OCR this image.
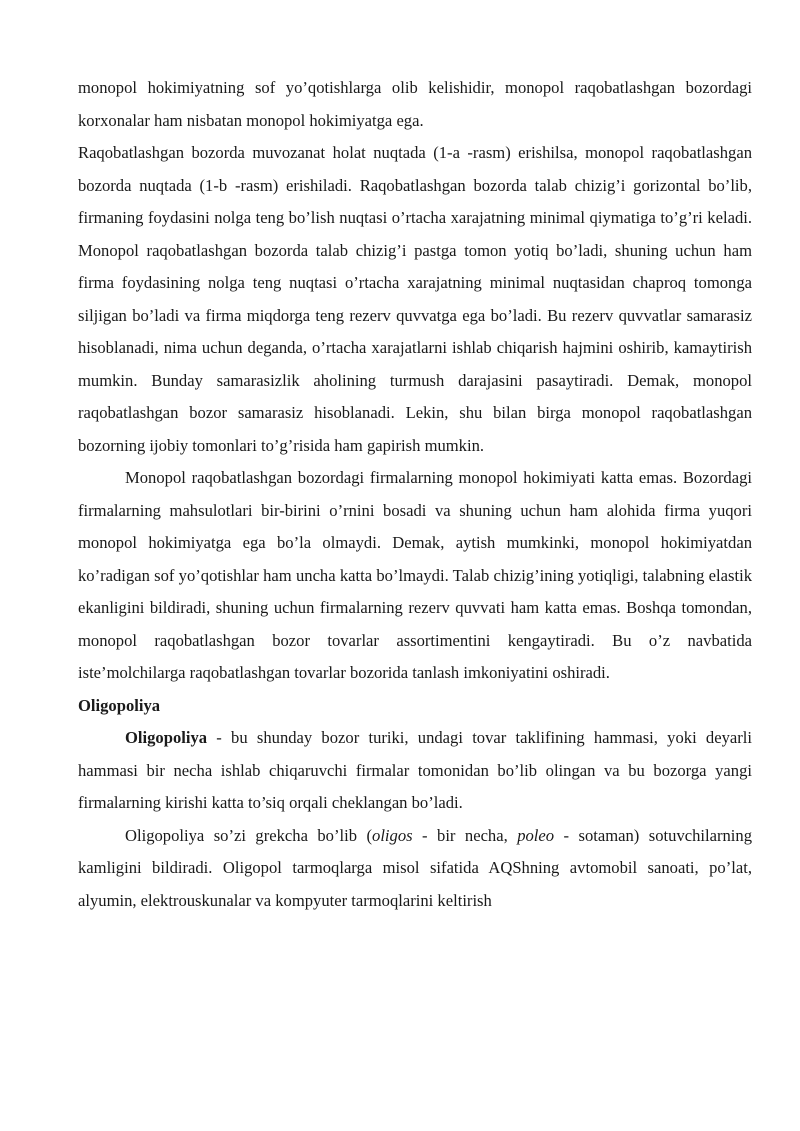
monopol hokimiyatning sof yo’qotishlarga olib kelishidir, monopol raqobatlashgan bozordagi korxonalar ham nisbatan monopol hokimiyatga ega.

Raqobatlashgan bozorda muvozanat holat nuqtada (1-a -rasm) erishilsa, monopol raqobatlashgan bozorda nuqtada (1-b -rasm) erishiladi. Raqobatlashgan bozorda talab chizig’i gorizontal bo’lib, firmaning foydasini nolga teng bo’lish nuqtasi o’rtacha xarajatning minimal qiymatiga to’g’ri keladi. Monopol raqobatlashgan bozorda talab chizig’i pastga tomon yotiq bo’ladi, shuning uchun ham firma foydasining nolga teng nuqtasi o’rtacha xarajatning minimal nuqtasidan chaproq tomonga siljigan bo’ladi va firma miqdorga teng rezerv quvvatga ega bo’ladi. Bu rezerv quvvatlar samarasiz hisoblanadi, nima uchun deganda, o’rtacha xarajatlarni ishlab chiqarish hajmini oshirib, kamaytirish mumkin. Bunday samarasizlik aholining turmush darajasini pasaytiradi. Demak, monopol raqobatlashgan bozor samarasiz hisoblanadi. Lekin, shu bilan birga monopol raqobatlashgan bozorning ijobiy tomonlari to’g’risida ham gapirish mumkin.

Monopol raqobatlashgan bozordagi firmalarning monopol hokimiyati katta emas. Bozordagi firmalarning mahsulotlari bir-birini o’rnini bosadi va shuning uchun ham alohida firma yuqori monopol hokimiyatga ega bo’la olmaydi. Demak, aytish mumkinki, monopol hokimiyatdan ko’radigan sof yo’qotishlar ham uncha katta bo’lmaydi. Talab chizig’ining yotiqligi, talabning elastik ekanligini bildiradi, shuning uchun firmalarning rezerv quvvati ham katta emas. Boshqa tomondan, monopol raqobatlashgan bozor tovarlar assortimentini kengaytiradi. Bu o’z navbatida iste’molchilarga raqobatlashgan tovarlar bozorida tanlash imkoniyatini oshiradi.

Oligopoliya

Oligopoliya - bu shunday bozor turiki, undagi tovar taklifining hammasi, yoki deyarli hammasi bir necha ishlab chiqaruvchi firmalar tomonidan bo’lib olingan va bu bozorga yangi firmalarning kirishi katta to’siq orqali cheklangan bo’ladi.

Oligopoliya so’zi grekcha bo’lib (oligos - bir necha, poleo - sotaman) sotuvchilarning kamligini bildiradi. Oligopol tarmoqlarga misol sifatida AQShning avtomobil sanoati, po’lat, alyumin, elektrouskunalar va kompyuter tarmoqlarini keltirish
